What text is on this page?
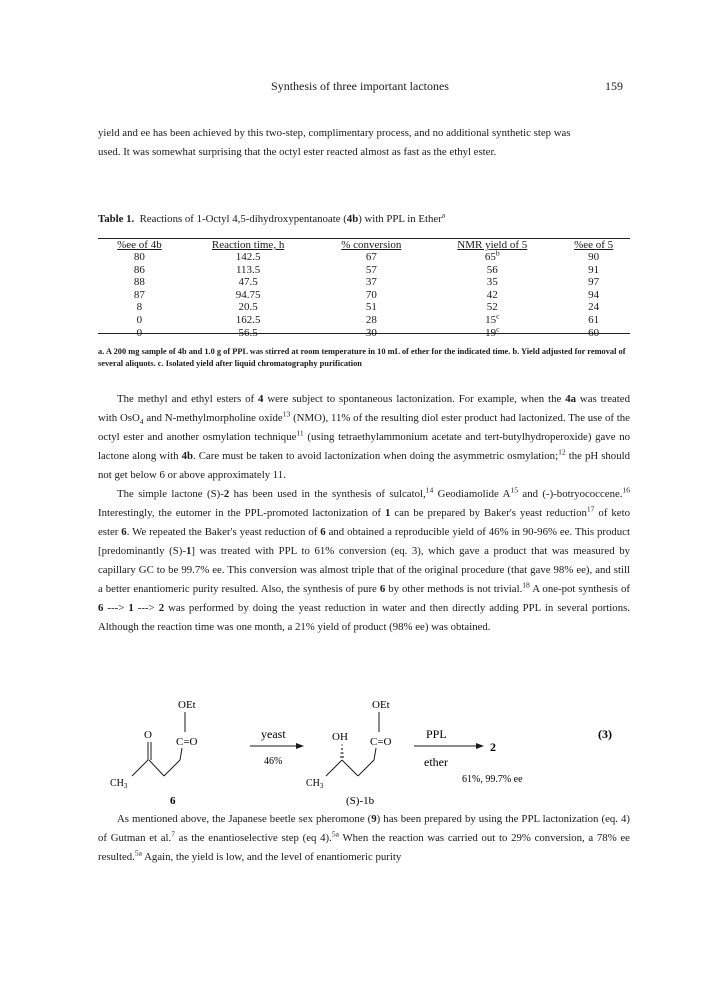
Synthesis of three important lactones	159

yield and ee has been achieved by this two-step, complimentary process, and no additional synthetic step was

used. It was somewhat surprising that the octyl ester reacted almost as fast as the ethyl ester.

Table 1. Reactions of 1-Octyl 4,5-dihydroxypentanoate (4b) with PPL in Ether$^a$
%ee of 4b	Reaction time, h	% conversion	NMR yield of 5	%ee of 5
80	142.5	67	65$^b$	90
86	113.5	57	56	91
88	47.5	37	35	97
87	94.75	70	42	94
8	20.5	51	52	24
0	162.5	28	15$^c$	61
0	56.5	30	19$^c$	60
a. A 200 mg sample of 4b and 1.0 g of PPL was stirred at room temperature in 10 mL of ether for the indicated time. b. Yield adjusted for removal of several aliquots. c. Isolated yield after liquid chromatography purification

The methyl and ethyl esters of 4 were subject to spontaneous lactonization. For example, when the 4a was treated with OsO$_4$ and N-methylmorpholine oxide$^{13}$ (NMO), 11% of the resulting diol ester product had lactonized. The use of the octyl ester and another osmylation technique$^{11}$ (using tetraethylammonium acetate and tert-butylhydroperoxide) gave no lactone along with 4b. Care must be taken to avoid lactonization when doing the asymmetric osmylation;$^{12}$ the pH should not get below 6 or above approximately 11.

The simple lactone (S)-2 has been used in the synthesis of sulcatol,$^{14}$ Geodiamolide $A^{15}$ and (-)-botryococcene.$^{16}$ Interestingly, the eutomer in the PPL-promoted lactonization of 1 can be prepared by Baker's yeast reduction$^{17}$ of keto ester 6. We repeated the Baker's yeast reduction of 6 and obtained a reproducible yield of 46% in 90-96% ee. This product [predominantly (S)-1] was treated with PPL to 61% conversion (eq. 3), which gave a product that was measured by capillary GC to be 99.7% ee. This conversion was almost triple that of the original procedure (that gave 98% ee), and still a better enantiomeric purity resulted. Also, the synthesis of pure 6 by other methods is not trivial.$^{18}$ A one-pot synthesis of 6 ---> 1 ---> 2 was performed by doing the yeast reduction in water and then directly adding PPL in several portions. Although the reaction time was one month, a 21% yield of product (98% ee) was obtained.

O
OEt
C=O
$CH_3$
6
yeast
46%
OH
OEt
C=O
$CH_3$
(S)-1b
PPL
ether
2
61%, 99.7% ee
(3)

As mentioned above, the Japanese beetle sex pheromone (9) has been prepared by using the PPL lactonization (eq. 4) of Gutman et al.$^7$ as the enantioselective step (eq 4).$^{5a}$ When the reaction was carried out to 29% conversion, a 78% ee resulted.$^{5a}$ Again, the yield is low, and the level of enantiomeric purity
